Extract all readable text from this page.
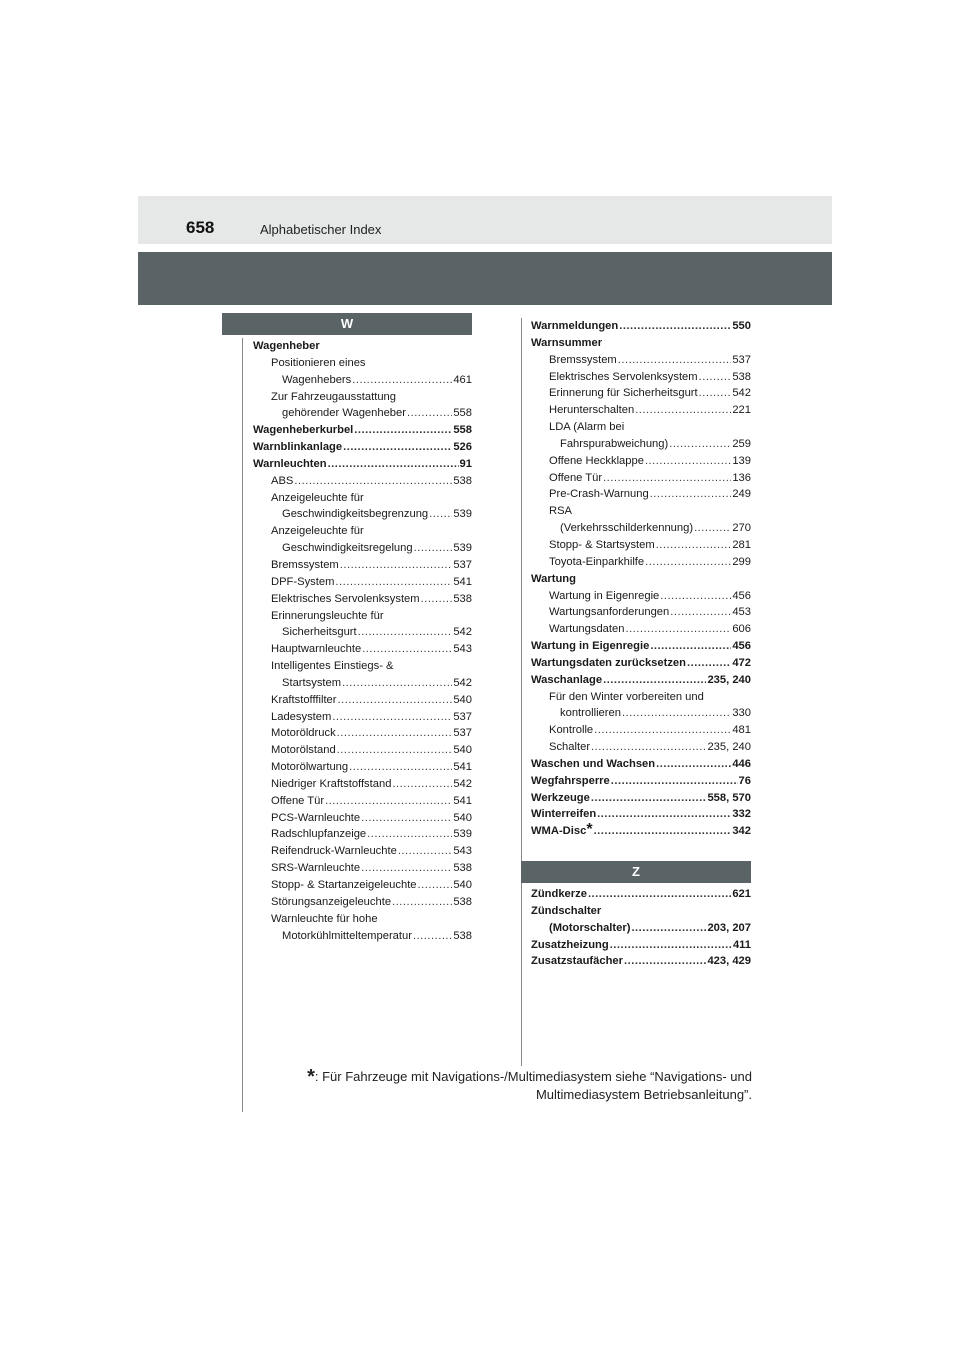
658	Alphabetischer Index
W
Z
Wagenheber
Positionieren eines
Wagenhebers .....	461
Zur Fahrzeugausstattung
gehörender Wagenheber .....	558
Wagenheberkurbel .....	558
Warnblinkanlage .....	526
Warnleuchten .....	91
ABS .....	538
Anzeigeleuchte für
Geschwindigkeitsbegrenzung ..... 539
Anzeigeleuchte für
Geschwindigkeitsregelung .....	539
Bremssystem .....	537
DPF-System .....	541
Elektrisches Servolenksystem .....	538
Erinnerungsleuchte für
Sicherheitsgurt .....	542
Hauptwarnleuchte .....	543
Intelligentes Einstiegs- &
Startsystem .....	542
Kraftstofffilter .....	540
Ladesystem .....	537
Motoröldruck .....	537
Motorölstand .....	540
Motorölwartung .....	541
Niedriger Kraftstoffstand .....	542
Offene Tür .....	541
PCS-Warnleuchte .....	540
Radschlupfanzeige .....	539
Reifendruck-Warnleuchte .....	543
SRS-Warnleuchte .....	538
Stopp- & Startanzeigeleuchte .....	540
Störungsanzeigeleuchte .....	538
Warnleuchte für hohe
Motorkühlmitteltemperatur .....	538
Warnmeldungen .....	550
Warnsummer
Bremssystem .....	537
Elektrisches Servolenksystem .....	538
Erinnerung für Sicherheitsgurt .....	542
Herunterschalten .....	221
LDA (Alarm bei
Fahrspurabweichung) .....	259
Offene Heckklappe .....	139
Offene Tür .....	136
Pre-Crash-Warnung .....	249
RSA
(Verkehrsschilderkennung) .....	270
Stopp- & Startsystem .....	281
Toyota-Einparkhilfe .....	299
Wartung
Wartung in Eigenregie .....	456
Wartungsanforderungen .....	453
Wartungsdaten .....	606
Wartung in Eigenregie .....	456
Wartungsdaten zurücksetzen .....	472
Waschanlage .....	235, 240
Für den Winter vorbereiten und
kontrollieren .....	330
Kontrolle .....	481
Schalter .....	235, 240
Waschen und Wachsen .....	446
Wegfahrsperre .....	76
Werkzeuge .....	558, 570
Winterreifen .....	332
WMA-Disc * .....	342
Zündkerze .....	621
Zündschalter
(Motorschalter) .....	203, 207
Zusatzheizung .....	411
Zusatzstaufächer .....	423, 429
*: Für Fahrzeuge mit Navigations-/Multimediasystem siehe “Navigations- und
Multimediasystem Betriebsanleitung”.
